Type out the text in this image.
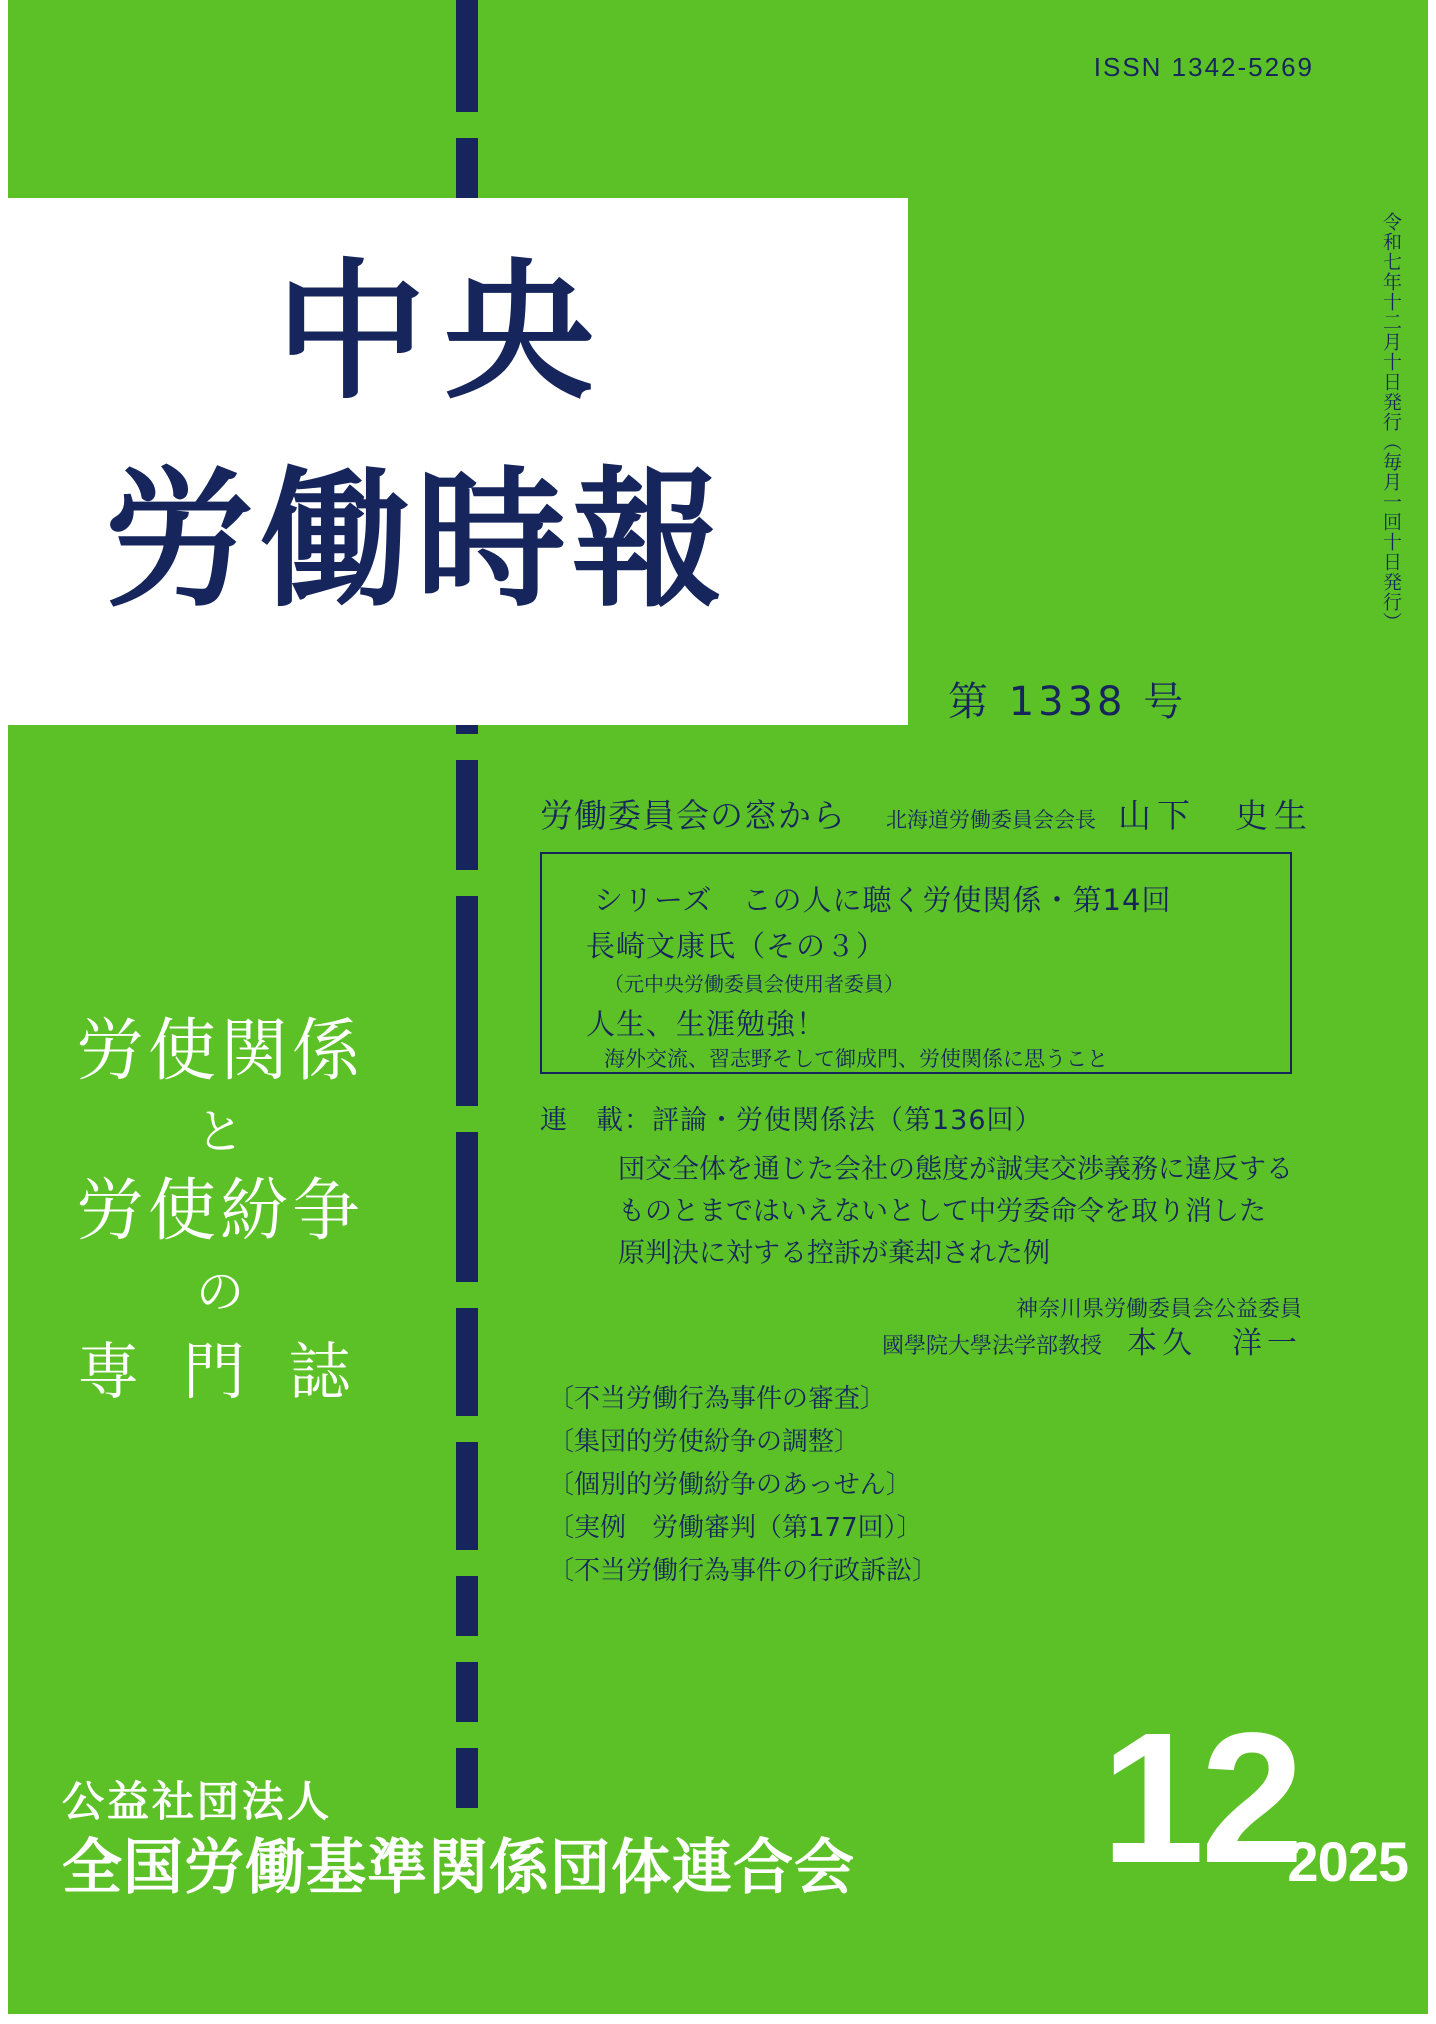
ISSN 1342-5269
令和七年十二月十日発行（毎月一回十日発行）
中央
労働時報
第 1338 号
労使関係
と
労使紛争
の
専 門 誌
労働委員会の窓から 北海道労働委員会会長 山下　史生
シリーズ　この人に聴く労使関係・第14回
長崎文康氏（その３）
（元中央労働委員会使用者委員）
人生、生涯勉強！
海外交流、習志野そして御成門、労使関係に思うこと
連　載：評論・労使関係法（第136回）
団交全体を通じた会社の態度が誠実交渉義務に違反する
ものとまではいえないとして中労委命令を取り消した
原判決に対する控訴が棄却された例
神奈川県労働委員会公益委員
國學院大學法学部教授 本久　洋一
〔不当労働行為事件の審査〕
〔集団的労使紛争の調整〕
〔個別的労働紛争のあっせん〕
〔実例　労働審判（第177回）〕
〔不当労働行為事件の行政訴訟〕
公益社団法人
全国労働基準関係団体連合会 12
2025
